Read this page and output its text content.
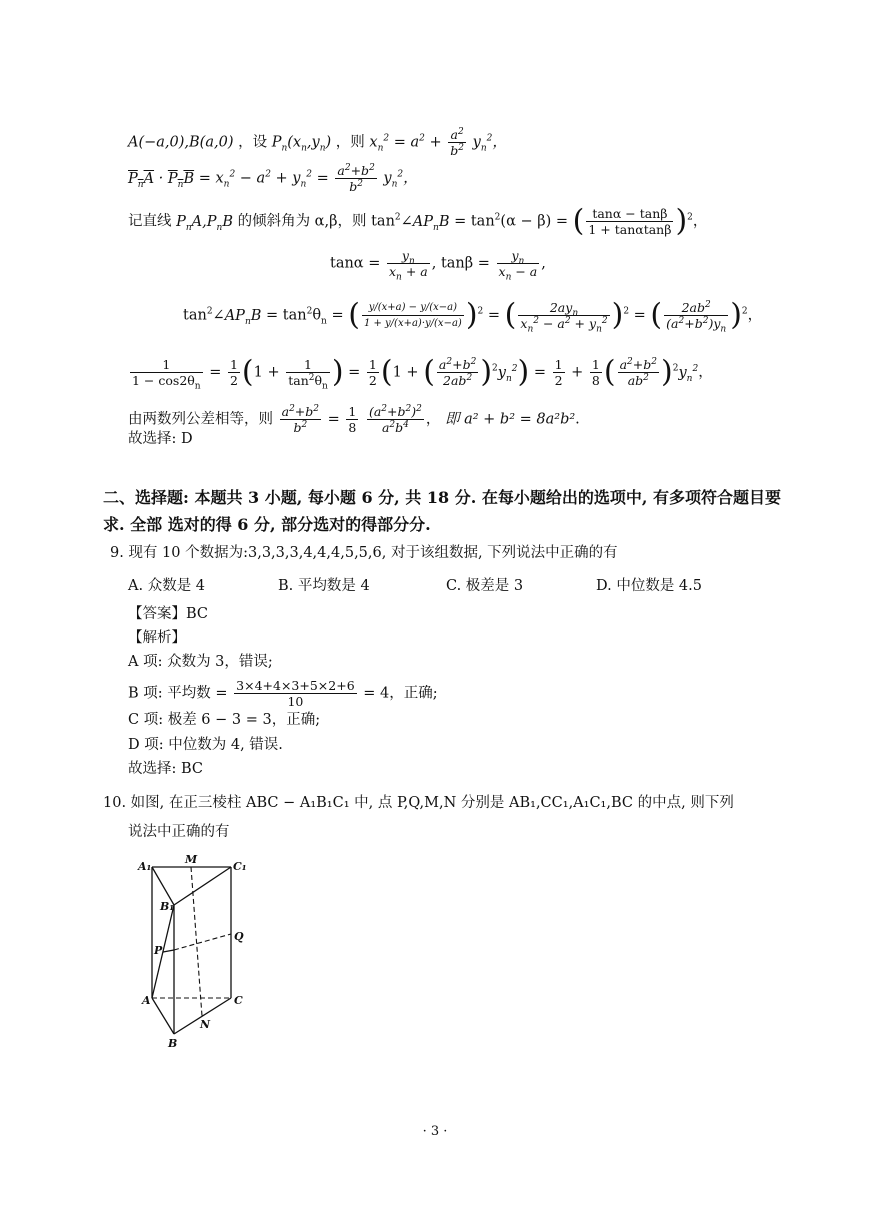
A(−a,0),B(a,0) ，设 $P_n(x_n,y_n)$ ，则 $x_n^2 = a^2 + \frac{a^2}{b^2} y_n^2$，
$P_nA \cdot P_nB = x_n^2 - a^2 + y_n^2 = \frac{a^2+b^2}{b^2} y_n^2$，
记直线 $P_nA,P_nB$ 的倾斜角为 α,β，则 $\tan^2\angle AP_nB = \tan^2(\alpha - \beta)$ = ( $\frac{\tan\alpha - \tan\beta}{1 + \tan\alpha\tan\beta} )^2$，
$\tan\alpha = \frac{y_n}{x_n + a}$ , $\tan\beta = \frac{y_n}{x_n - a}$ ,
$\tan^2\angle AP_nB = \tan^2\theta_n$ = ( $\frac{y/(x+a) - y/(x-a)}{1 + y/(x+a)\cdot y/(x-a)} )^2$ = ( $\frac{2ay_n}{x_n^2 - a^2 + y_n^2} )^2$ = ( $\frac{2ab^2}{(a^2+b^2)y_n} )^2$，
$\frac{1}{1 - \cos 2\theta_n} = \frac{1}{2} (1 + \frac{1}{\tan^2\theta_n}$ ) = $\frac{1}{2} (1$ + ( $\frac{a^2+b^2}{2ab^2} )^2y_n^2) = \frac{1}{2} + \frac{1}{8}$ ( $\frac{a^2+b^2}{ab^2} )^2y_n^2$，
由两数列公差相等，则 $\frac{a^2+b^2}{b^2} = \frac{1}{8}$
$\frac{(a^2+b^2)^2}{a^2b^4}$ ， 即 a² + b² = 8a²b².
故选择: D
二、选择题: 本题共 3 小题, 每小题 6 分, 共 18 分. 在每小题给出的选项中, 有多项符合题目要
求. 全部 选对的得 6 分, 部分选对的得部分分.
9. 现有 10 个数据为:3,3,3,3,4,4,4,5,5,6, 对于该组数据, 下列说法中正确的有
A. 众数是 4	B. 平均数是 4	C. 极差是 3	D. 中位数是 4.5
【答案】BC
【解析】
A 项: 众数为 3，错误;
B 项: 平均数 = $\frac{3\times 4+4\times 3+5\times 2+6}{10} = 4$，正确;
C 项: 极差 6 − 3 = 3，正确;
D 项: 中位数为 4, 错误.
故选择: BC
10. 如图, 在正三棱柱 ABC − A₁B₁C₁ 中, 点 P,Q,M,N 分别是 AB₁,CC₁,A₁C₁,BC 的中点, 则下列
说法中正确的有
A₁
M
C₁
B₁
P
Q
A	C
N
B
· 3 ·
